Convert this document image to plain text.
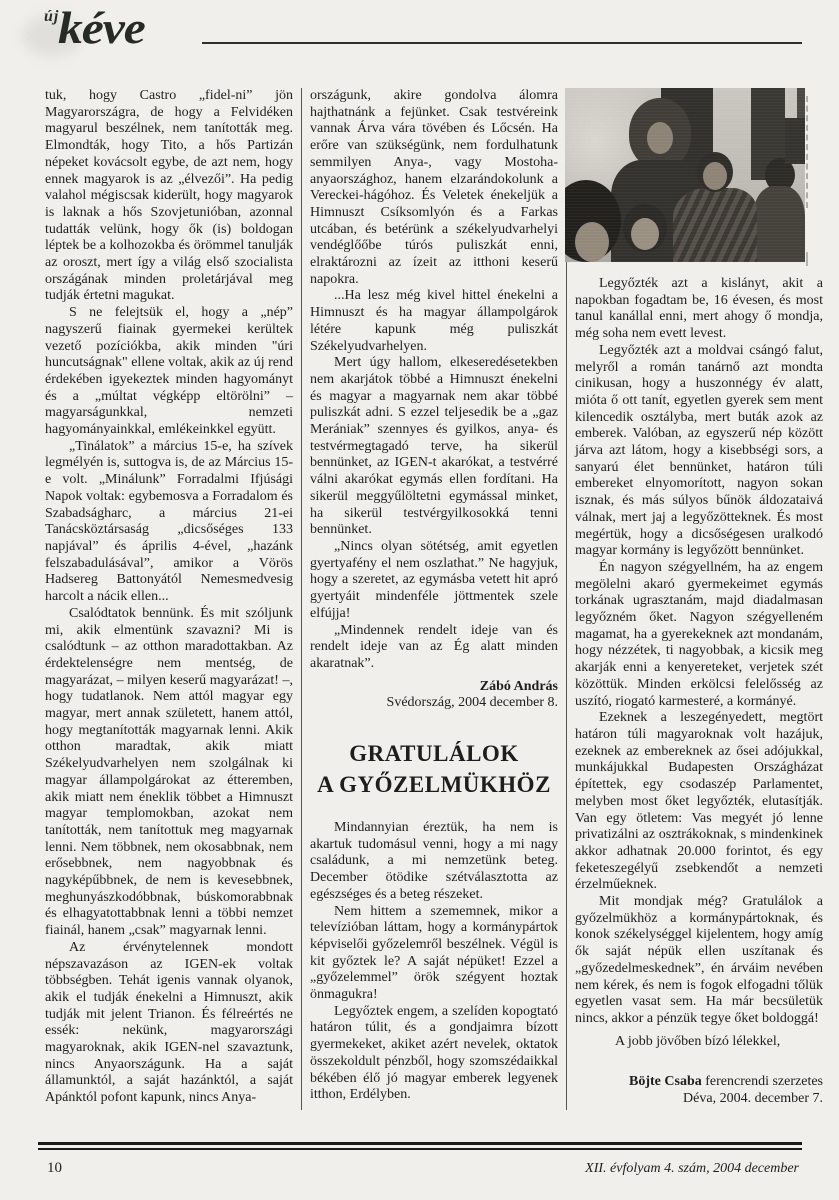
új
kéve

tuk, hogy Castro „fidel-ni” jön Magyarországra, de hogy a Felvidéken magyarul beszélnek, nem tanították meg. Elmondták, hogy Tito, a hős Partizán népeket kovácsolt egybe, de azt nem, hogy ennek magyarok is az „élvezői”. Ha pedig valahol mégiscsak kiderült, hogy magyarok is laknak a hős Szovjetunióban, azonnal tudatták velünk, hogy ők (is) boldogan léptek be a kolhozokba és örömmel tanulják az oroszt, mert így a világ első szocialista országának minden proletárjával meg tudják értetni magukat.

S ne felejtsük el, hogy a „nép” nagyszerű fiainak gyermekei kerültek vezető pozíciókba, akik minden "úri huncutságnak" ellene voltak, akik az új rend érdekében igyekeztek minden hagyományt és a „múltat végképp eltörölni” – magyarságunkkal, nemzeti hagyományainkkal, emlékeinkkel együtt.

„Tinálatok” a március 15-e, ha szívek legmélyén is, suttogva is, de az Március 15-e volt. „Minálunk” Forradalmi Ifjúsági Napok voltak: egybemosva a Forradalom és Szabadságharc, a március 21-ei Tanácsköztársaság „dicsőséges 133 napjával” és április 4-ével, „hazánk felszabadulásával”, amikor a Vörös Hadsereg Battonyától Nemesmedvesig harcolt a nácik ellen...

Csalódtatok bennünk. És mit szóljunk mi, akik elmentünk szavazni? Mi is csalódtunk – az otthon maradottakban. Az érdektelenségre nem mentség, de magyarázat, – milyen keserű magyarázat! –, hogy tudatlanok. Nem attól magyar egy magyar, mert annak született, hanem attól, hogy megtanították magyarnak lenni. Akik otthon maradtak, akik miatt Székelyudvarhelyen nem szolgálnak ki magyar állampolgárokat az étteremben, akik miatt nem éneklik többet a Himnuszt magyar templomokban, azokat nem tanították, nem tanítottuk meg magyarnak lenni. Nem többnek, nem okosabbnak, nem erősebbnek, nem nagyobbnak és nagyképűbbnek, de nem is kevesebbnek, meghunyászkodóbbnak, búskomorabbnak és elhagyatottabbnak lenni a többi nemzet fiainál, hanem „csak” magyarnak lenni.

Az érvénytelennek mondott népszavazáson az IGEN-ek voltak többségben. Tehát igenis vannak olyanok, akik el tudják énekelni a Himnuszt, akik tudják mit jelent Trianon. És félreértés ne essék: nekünk, magyarországi magyaroknak, akik IGEN-nel szavaztunk, nincs Anyaországunk. Ha a saját államunktól, a saját hazánktól, a saját Apánktól pofont kapunk, nincs Anya-

országunk, akire gondolva álomra hajthatnánk a fejünket. Csak testvéreink vannak Árva vára tövében és Lőcsén. Ha erőre van szükségünk, nem fordulhatunk semmilyen Anya-, vagy Mostoha-anyaországhoz, hanem elzarándokolunk a Vereckei-hágóhoz. És Veletek énekeljük a Himnuszt Csíksomlyón és a Farkas utcában, és betérünk a székelyudvarhelyi vendéglőőbe túrós puliszkát enni, elraktározni az ízeit az itthoni keserű napokra.

...Ha lesz még kivel hittel énekelni a Himnuszt és ha magyar állampolgárok létére kapunk még puliszkát Székelyudvarhelyen.

Mert úgy hallom, elkeseredésetekben nem akarjátok többé a Himnuszt énekelni és magyar a magyarnak nem akar többé puliszkát adni. S ezzel teljesedik be a „gaz Merániak” szennyes és gyilkos, anya- és testvérmegtagadó terve, ha sikerül bennünket, az IGEN-t akarókat, a testvérré válni akarókat egymás ellen fordítani. Ha sikerül meggyűlöltetni egymással minket, ha sikerül testvérgyilkosokká tenni bennünket.

„Nincs olyan sötétség, amit egyetlen gyertyafény el nem oszlathat.” Ne hagyjuk, hogy a szeretet, az egymásba vetett hit apró gyertyáit mindenféle jöttmentek szele elfújja!

„Mindennek rendelt ideje van és rendelt ideje van az Ég alatt minden akaratnak”.

Zábó András
Svédország, 2004 december 8.
GRATULÁLOK
A GYŐZELMÜKHÖZ

Mindannyian éreztük, ha nem is akartuk tudomásul venni, hogy a mi nagy családunk, a mi nemzetünk beteg. December ötödike szétválasztotta az egészséges és a beteg részeket.

Nem hittem a szememnek, mikor a televízióban láttam, hogy a kormánypártok képviselői győzelemről beszélnek. Végül is kit győztek le? A saját népüket! Ezzel a „győzelemmel” örök szégyent hoztak önmagukra!

Legyőztek engem, a szelíden kopogtató határon túlit, és a gondjaimra bízott gyermekeket, akiket azért nevelek, oktatok összekoldult pénzből, hogy szomszédaikkal békében élő jó magyar emberek legyenek itthon, Erdélyben.

Legyőzték azt a kislányt, akit a napokban fogadtam be, 16 évesen, és most tanul kanállal enni, mert ahogy ő mondja, még soha nem evett levest.

Legyőzték azt a moldvai csángó falut, melyről a román tanárnő azt mondta cinikusan, hogy a huszonnégy év alatt, mióta ő ott tanít, egyetlen gyerek sem ment kilencedik osztályba, mert buták azok az emberek. Valóban, az egyszerű nép között járva azt látom, hogy a kisebbségi sors, a sanyarú élet bennünket, határon túli embereket elnyomorított, nagyon sokan isznak, és más súlyos bűnök áldozataivá válnak, mert jaj a legyőzötteknek. És most megértük, hogy a dicsőségesen uralkodó magyar kormány is legyőzött bennünket.

Én nagyon szégyellném, ha az engem megölelni akaró gyermekeimet egymás torkának ugrasztanám, majd diadalmasan legyőzném őket. Nagyon szégyelleném magamat, ha a gyerekeknek azt mondanám, hogy nézzétek, ti nagyobbak, a kicsik meg akarják enni a kenyereteket, verjetek szét közöttük. Minden erkölcsi felelősség az uszító, riogató karmesteré, a kormányé.

Ezeknek a leszegényedett, megtört határon túli magyaroknak volt hazájuk, ezeknek az embereknek az ősei adójukkal, munkájukkal Budapesten Országházat építettek, egy csodaszép Parlamentet, melyben most őket legyőzték, elutasítják. Van egy ötletem: Vas megyét jó lenne privatizálni az osztrákoknak, s mindenkinek akkor adhatnak 20.000 forintot, és egy feketeszegélyű zsebkendőt a nemzeti érzelműeknek.

Mit mondjak még? Gratulálok a győzelmükhöz a kormánypártoknak, és konok székelységgel kijelentem, hogy amíg ők saját népük ellen uszítanak és „győzedelmeskednek”, én árváim nevében nem kérek, és nem is fogok elfogadni tőlük egyetlen vasat sem. Ha már becsületük nincs, akkor a pénzük tegye őket boldoggá!

A jobb jövőben bízó lélekkel,

Böjte Csaba ferencrendi szerzetes
Déva, 2004. december 7.
10	XII. évfolyam 4. szám, 2004 december
